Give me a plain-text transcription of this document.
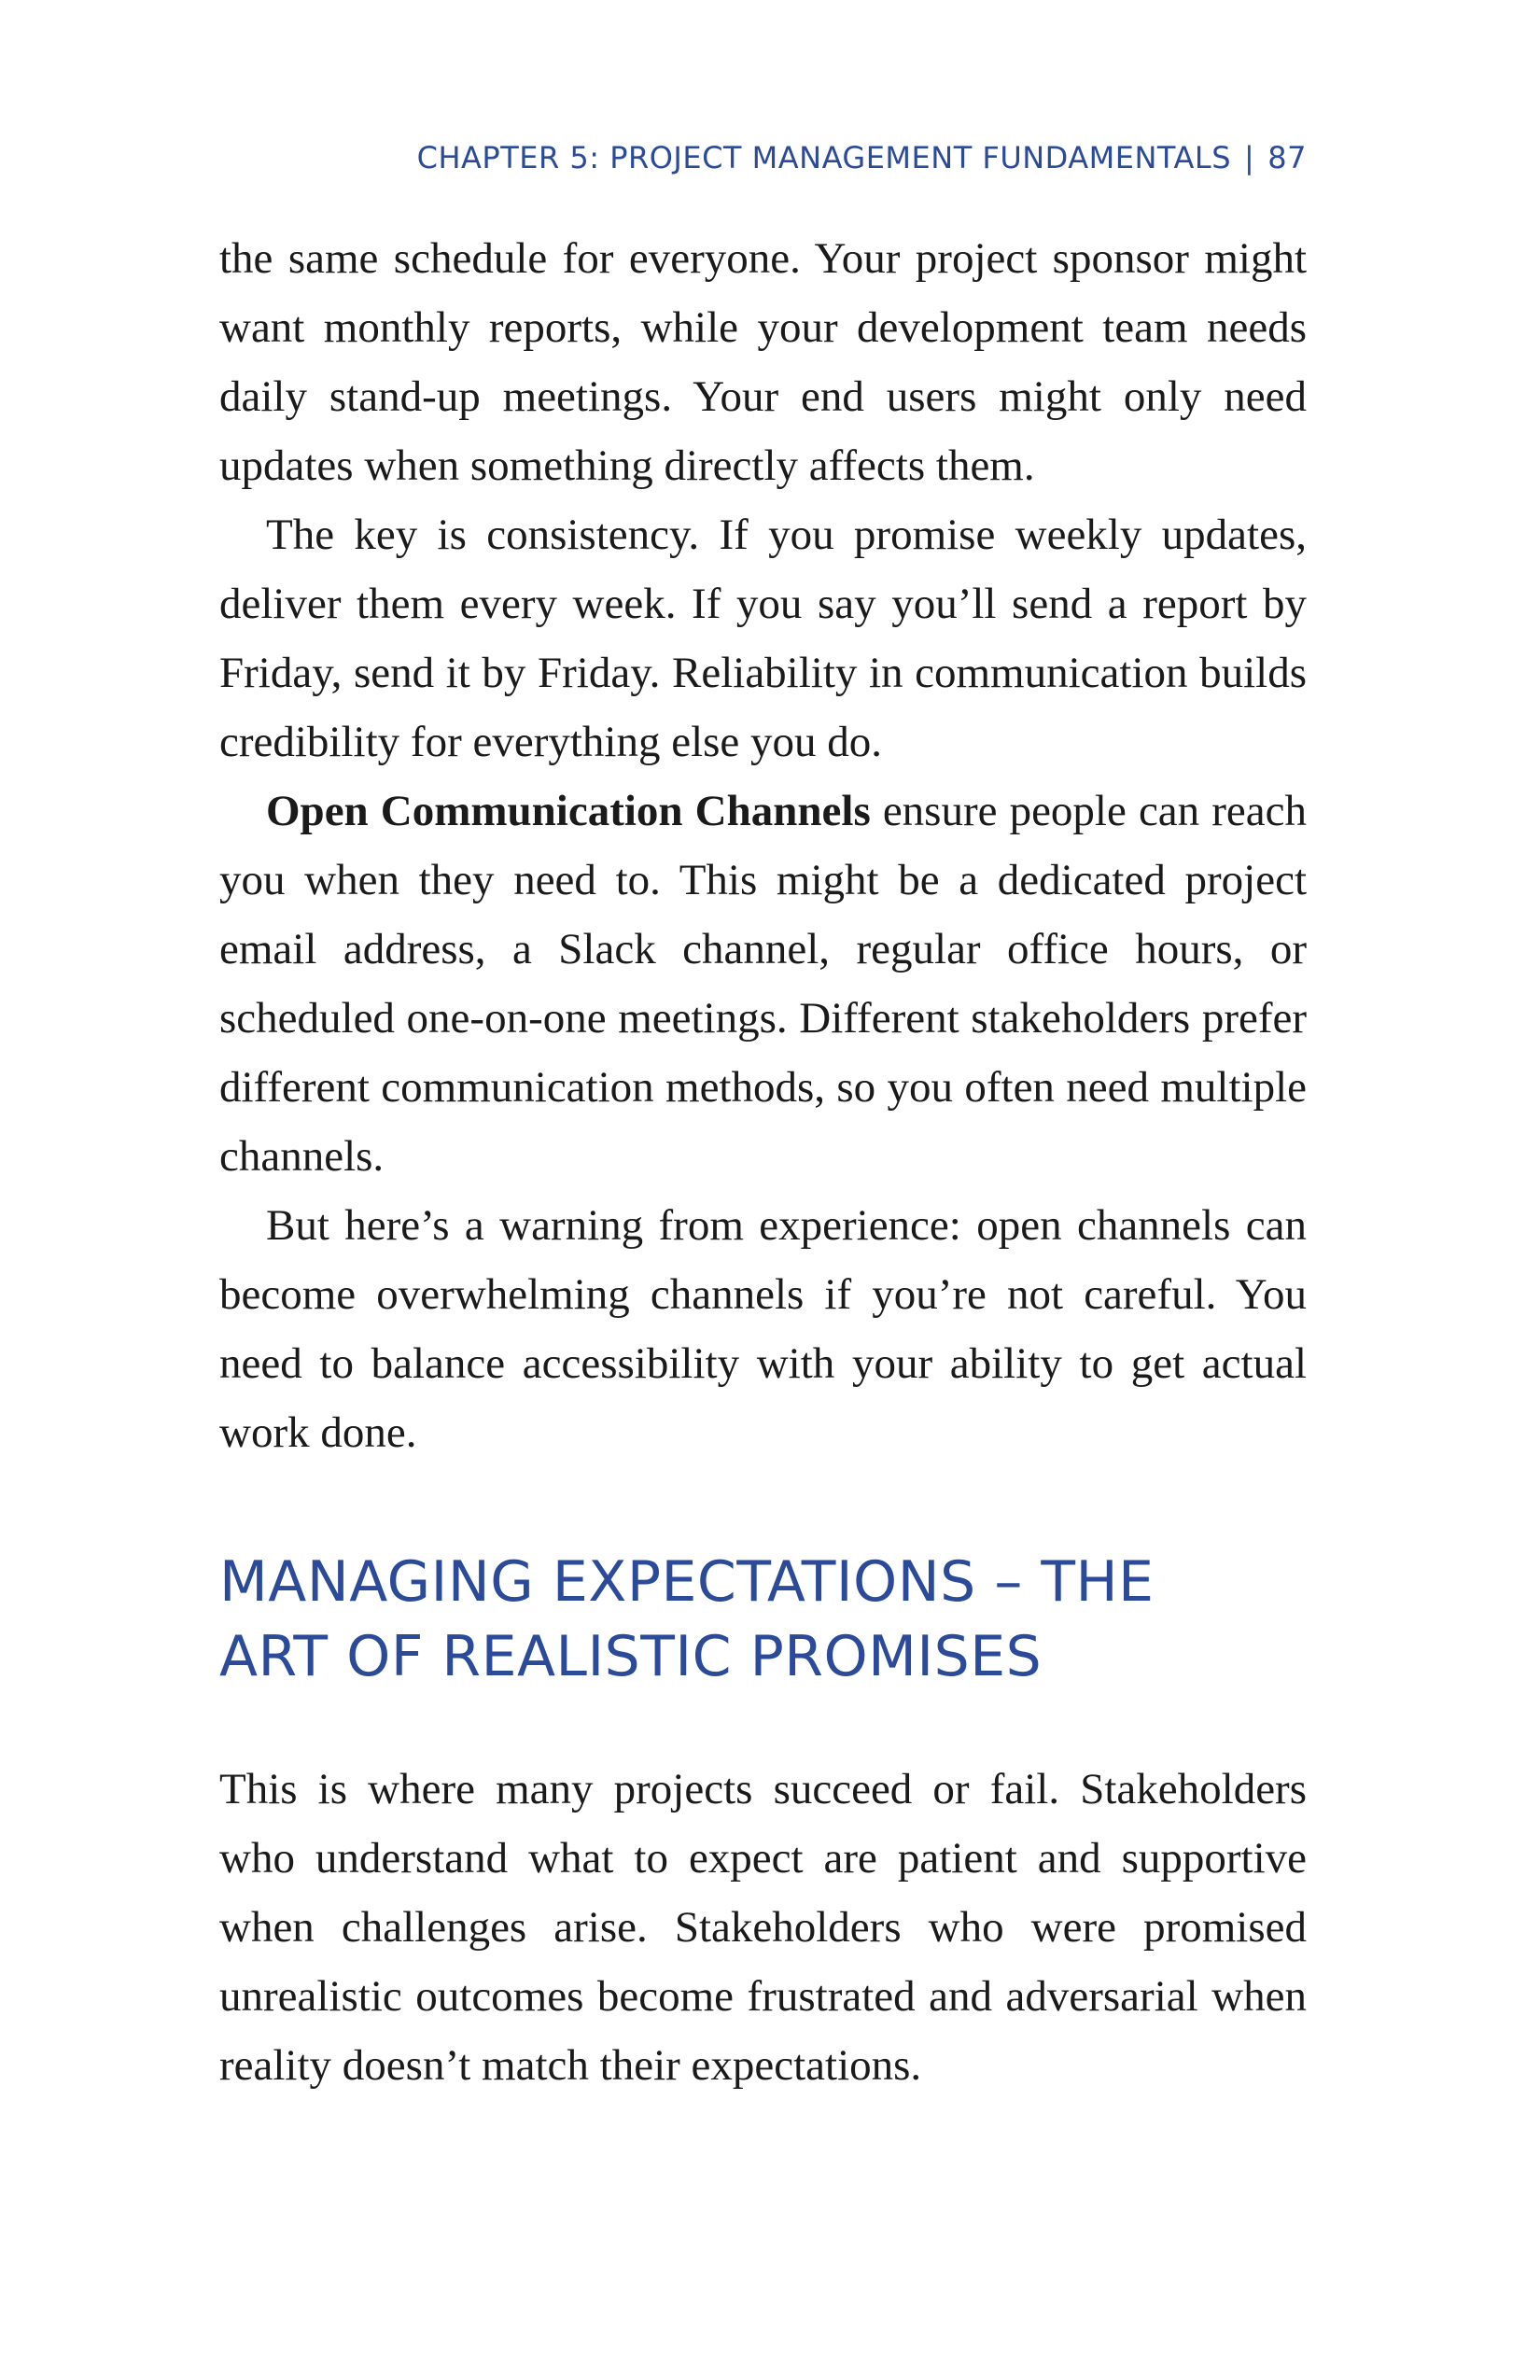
CHAPTER 5: PROJECT MANAGEMENT FUNDAMENTALS | 87

the same schedule for everyone. Your project sponsor might want monthly reports, while your development team needs daily stand-up meetings. Your end users might only need updates when something directly affects them.

The key is consistency. If you promise weekly updates, deliver them every week. If you say you’ll send a report by Friday, send it by Friday. Reliability in communication builds credibility for everything else you do.

Open Communication Channels ensure people can reach you when they need to. This might be a dedicated project email address, a Slack channel, regular office hours, or scheduled one-on-one meetings. Different stakeholders prefer different communication methods, so you often need multiple channels.

But here’s a warning from experience: open channels can become overwhelming channels if you’re not careful. You need to balance accessibility with your ability to get actual work done.

MANAGING EXPECTATIONS – THE
ART OF REALISTIC PROMISES

This is where many projects succeed or fail. Stakeholders who understand what to expect are patient and supportive when challenges arise. Stakeholders who were promised unrealistic outcomes become frustrated and adversarial when reality doesn’t match their expectations.
